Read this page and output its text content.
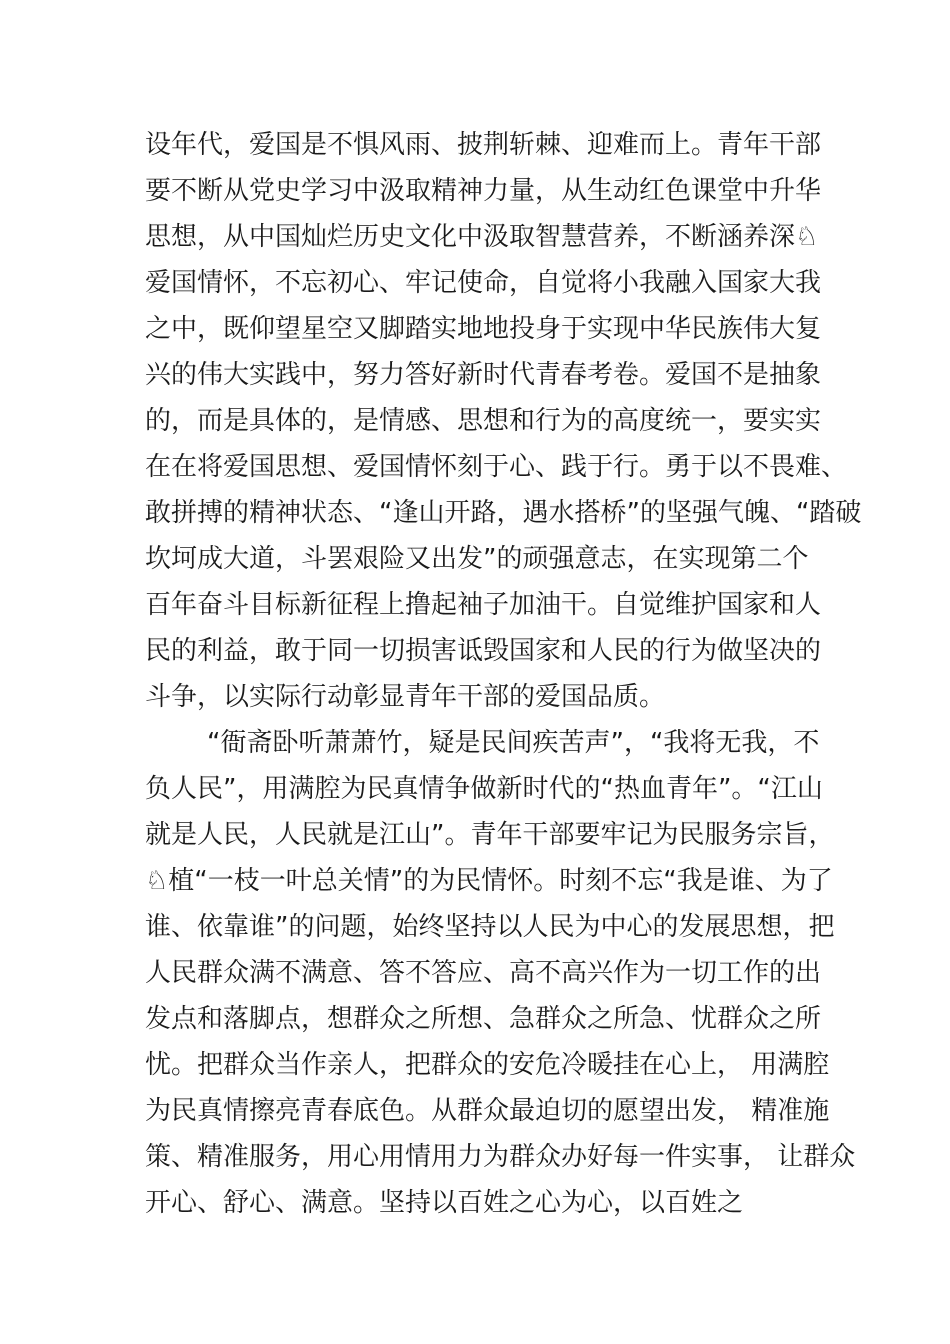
设年代，爱国是不惧风雨、披荆斩棘、迎难而上。青年干部
要不断从党史学习中汲取精神力量，从生动红色课堂中升华
思想，从中国灿烂历史文化中汲取智慧营养，不断涵养深♘
爱国情怀，不忘初心、牢记使命，自觉将小我融入国家大我
之中，既仰望星空又脚踏实地地投身于实现中华民族伟大复
兴的伟大实践中，努力答好新时代青春考卷。爱国不是抽象
的，而是具体的，是情感、思想和行为的高度统一，要实实
在在将爱国思想、爱国情怀刻于心、践于行。勇于以不畏难、
敢拼搏的精神状态、“逢山开路，遇水搭桥”的坚强气魄、“踏破
坎坷成大道，斗罢艰险又出发”的顽强意志，在实现第二个
百年奋斗目标新征程上撸起袖子加油干。自觉维护国家和人
民的利益，敢于同一切损害诋毁国家和人民的行为做坚决的
斗争，以实际行动彰显青年干部的爱国品质。
“衙斋卧听萧萧竹，疑是民间疾苦声”，“我将无我，不
负人民”，用满腔为民真情争做新时代的“热血青年”。“江山
就是人民，人民就是江山”。青年干部要牢记为民服务宗旨，
♘植“一枝一叶总关情”的为民情怀。时刻不忘“我是谁、为了
谁、依靠谁”的问题，始终坚持以人民为中心的发展思想，把
人民群众满不满意、答不答应、高不高兴作为一切工作的出
发点和落脚点，想群众之所想、急群众之所急、忧群众之所
忧。把群众当作亲人，把群众的安危冷暖挂在心上， 用满腔
为民真情擦亮青春底色。从群众最迫切的愿望出发， 精准施
策、精准服务，用心用情用力为群众办好每一件实事， 让群众
开心、舒心、满意。坚持以百姓之心为心，以百姓之
